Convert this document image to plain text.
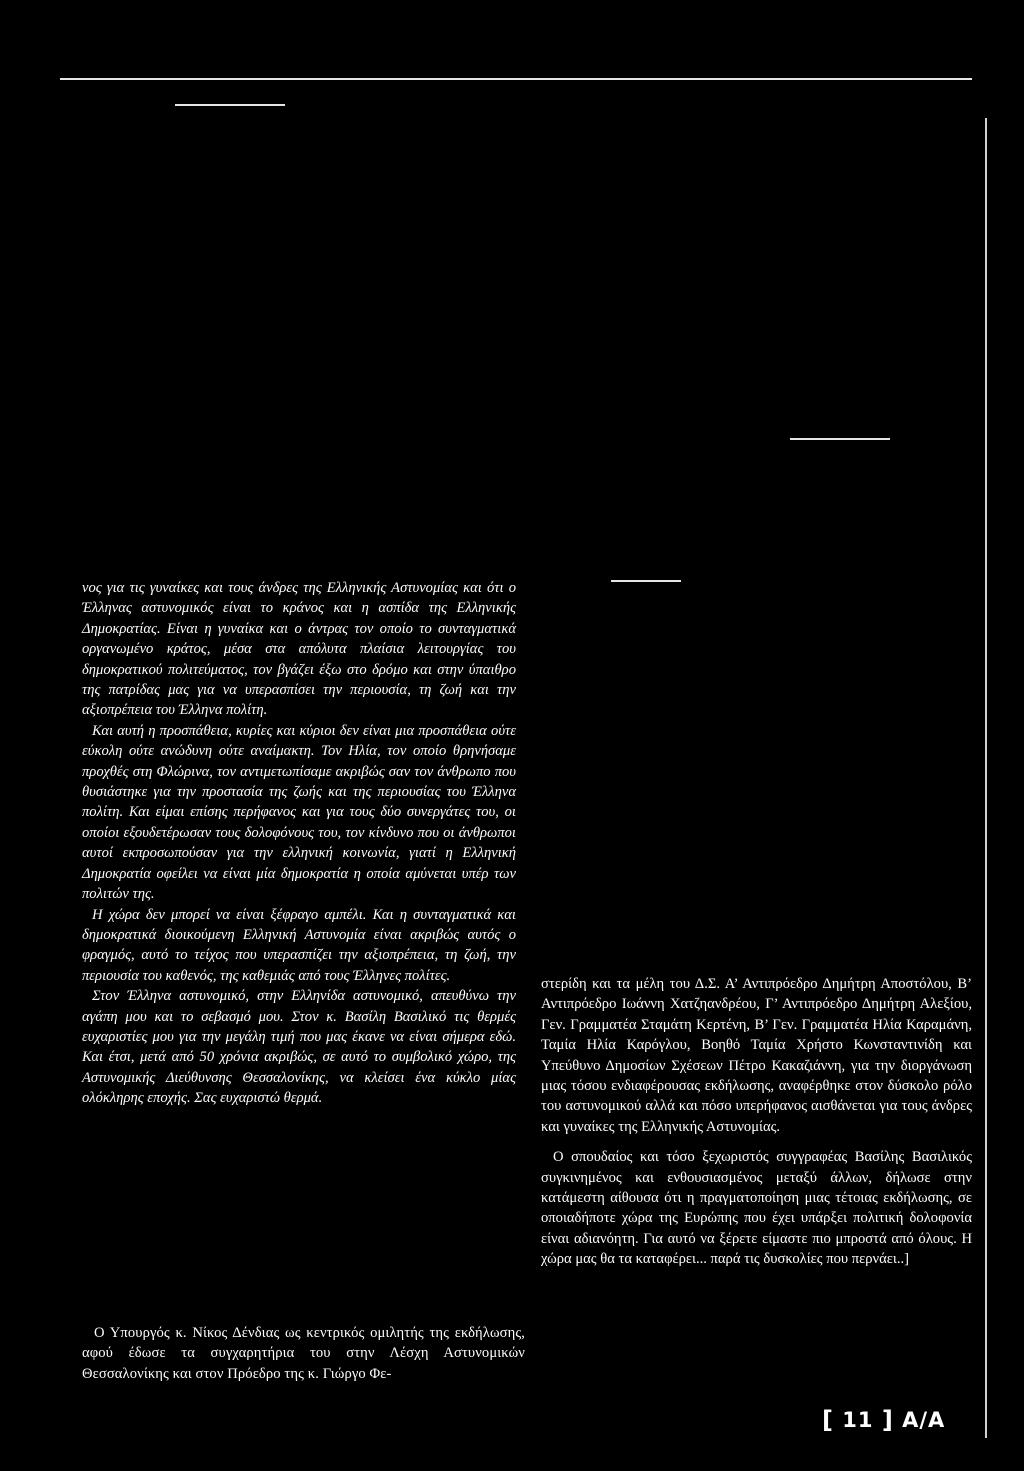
νος για τις γυναίκες και τους άνδρες της Ελληνικής Αστυνομίας και ότι ο Έλληνας αστυνομικός είναι το κράνος και η ασπίδα της Ελληνικής Δημοκρατίας. Είναι η γυναίκα και ο άντρας τον οποίο το συνταγματικά οργανωμένο κράτος, μέσα στα απόλυτα πλαίσια λειτουργίας του δημοκρατικού πολιτεύματος, τον βγάζει έξω στο δρόμο και στην ύπαιθρο της πατρίδας μας για να υπερασπίσει την περιουσία, τη ζωή και την αξιοπρέπεια του Έλληνα πολίτη.

Και αυτή η προσπάθεια, κυρίες και κύριοι δεν είναι μια προσπάθεια ούτε εύκολη ούτε ανώδυνη ούτε αναίμακτη. Τον Ηλία, τον οποίο θρηνήσαμε προχθές στη Φλώρινα, τον αντιμετωπίσαμε ακριβώς σαν τον άνθρωπο που θυσιάστηκε για την προστασία της ζωής και της περιουσίας του Έλληνα πολίτη. Και είμαι επίσης περήφανος και για τους δύο συνεργάτες του, οι οποίοι εξουδετέρωσαν τους δολοφόνους του, τον κίνδυνο που οι άνθρωποι αυτοί εκπροσωπούσαν για την ελληνική κοινωνία, γιατί η Ελληνική Δημοκρατία οφείλει να είναι μία δημοκρατία η οποία αμύνεται υπέρ των πολιτών της.

Η χώρα δεν μπορεί να είναι ξέφραγο αμπέλι. Και η συνταγματικά και δημοκρατικά διοικούμενη Ελληνική Αστυνομία είναι ακριβώς αυτός ο φραγμός, αυτό το τείχος που υπερασπίζει την αξιοπρέπεια, τη ζωή, την περιουσία του καθενός, της καθεμιάς από τους Έλληνες πολίτες.

Στον Έλληνα αστυνομικό, στην Ελληνίδα αστυνομικό, απευθύνω την αγάπη μου και το σεβασμό μου. Στον κ. Βασίλη Βασιλικό τις θερμές ευχαριστίες μου για την μεγάλη τιμή που μας έκανε να είναι σήμερα εδώ. Και έτσι, μετά από 50 χρόνια ακριβώς, σε αυτό το συμβολικό χώρο, της Αστυνομικής Διεύθυνσης Θεσσαλονίκης, να κλείσει ένα κύκλο μίας ολόκληρης εποχής. Σας ευχαριστώ θερμά.

Ο Υπουργός κ. Νίκος Δένδιας ως κεντρικός ομιλητής της εκδήλωσης, αφού έδωσε τα συγχαρητήρια του στην Λέσχη Αστυνομικών Θεσσαλονίκης και στον Πρόεδρο της κ. Γιώργο Φε-

στερίδη και τα μέλη του Δ.Σ. Α’ Αντιπρόεδρο Δημήτρη Αποστόλου, Β’ Αντιπρόεδρο Ιωάννη Χατζηανδρέου, Γ’ Αντιπρόεδρο Δημήτρη Αλεξίου, Γεν. Γραμματέα Σταμάτη Κερτένη, Β’ Γεν. Γραμματέα Ηλία Καραμάνη, Ταμία Ηλία Καρόγλου, Βοηθό Ταμία Χρήστο Κωνσταντινίδη και Υπεύθυνο Δημοσίων Σχέσεων Πέτρο Κακαζιάννη, για την διοργάνωση μιας τόσου ενδιαφέρουσας εκδήλωσης, αναφέρθηκε στον δύσκολο ρόλο του αστυνομικού αλλά και πόσο υπερήφανος αισθάνεται για τους άνδρες και γυναίκες της Ελληνικής Αστυνομίας.

Ο σπουδαίος και τόσο ξεχωριστός συγγραφέας Βασίλης Βασιλικός συγκινημένος και ενθουσιασμένος μεταξύ άλλων, δήλωσε στην κατάμεστη αίθουσα ότι η πραγματοποίηση μιας τέτοιας εκδήλωσης, σε οποιαδήποτε χώρα της Ευρώπης που έχει υπάρξει πολιτική δολοφονία είναι αδιανόητη. Για αυτό να ξέρετε είμαστε πιο μπροστά από όλους. Η χώρα μας θα τα καταφέρει... παρά τις δυσκολίες που περνάει..]

[ 11 ] Α/Α
